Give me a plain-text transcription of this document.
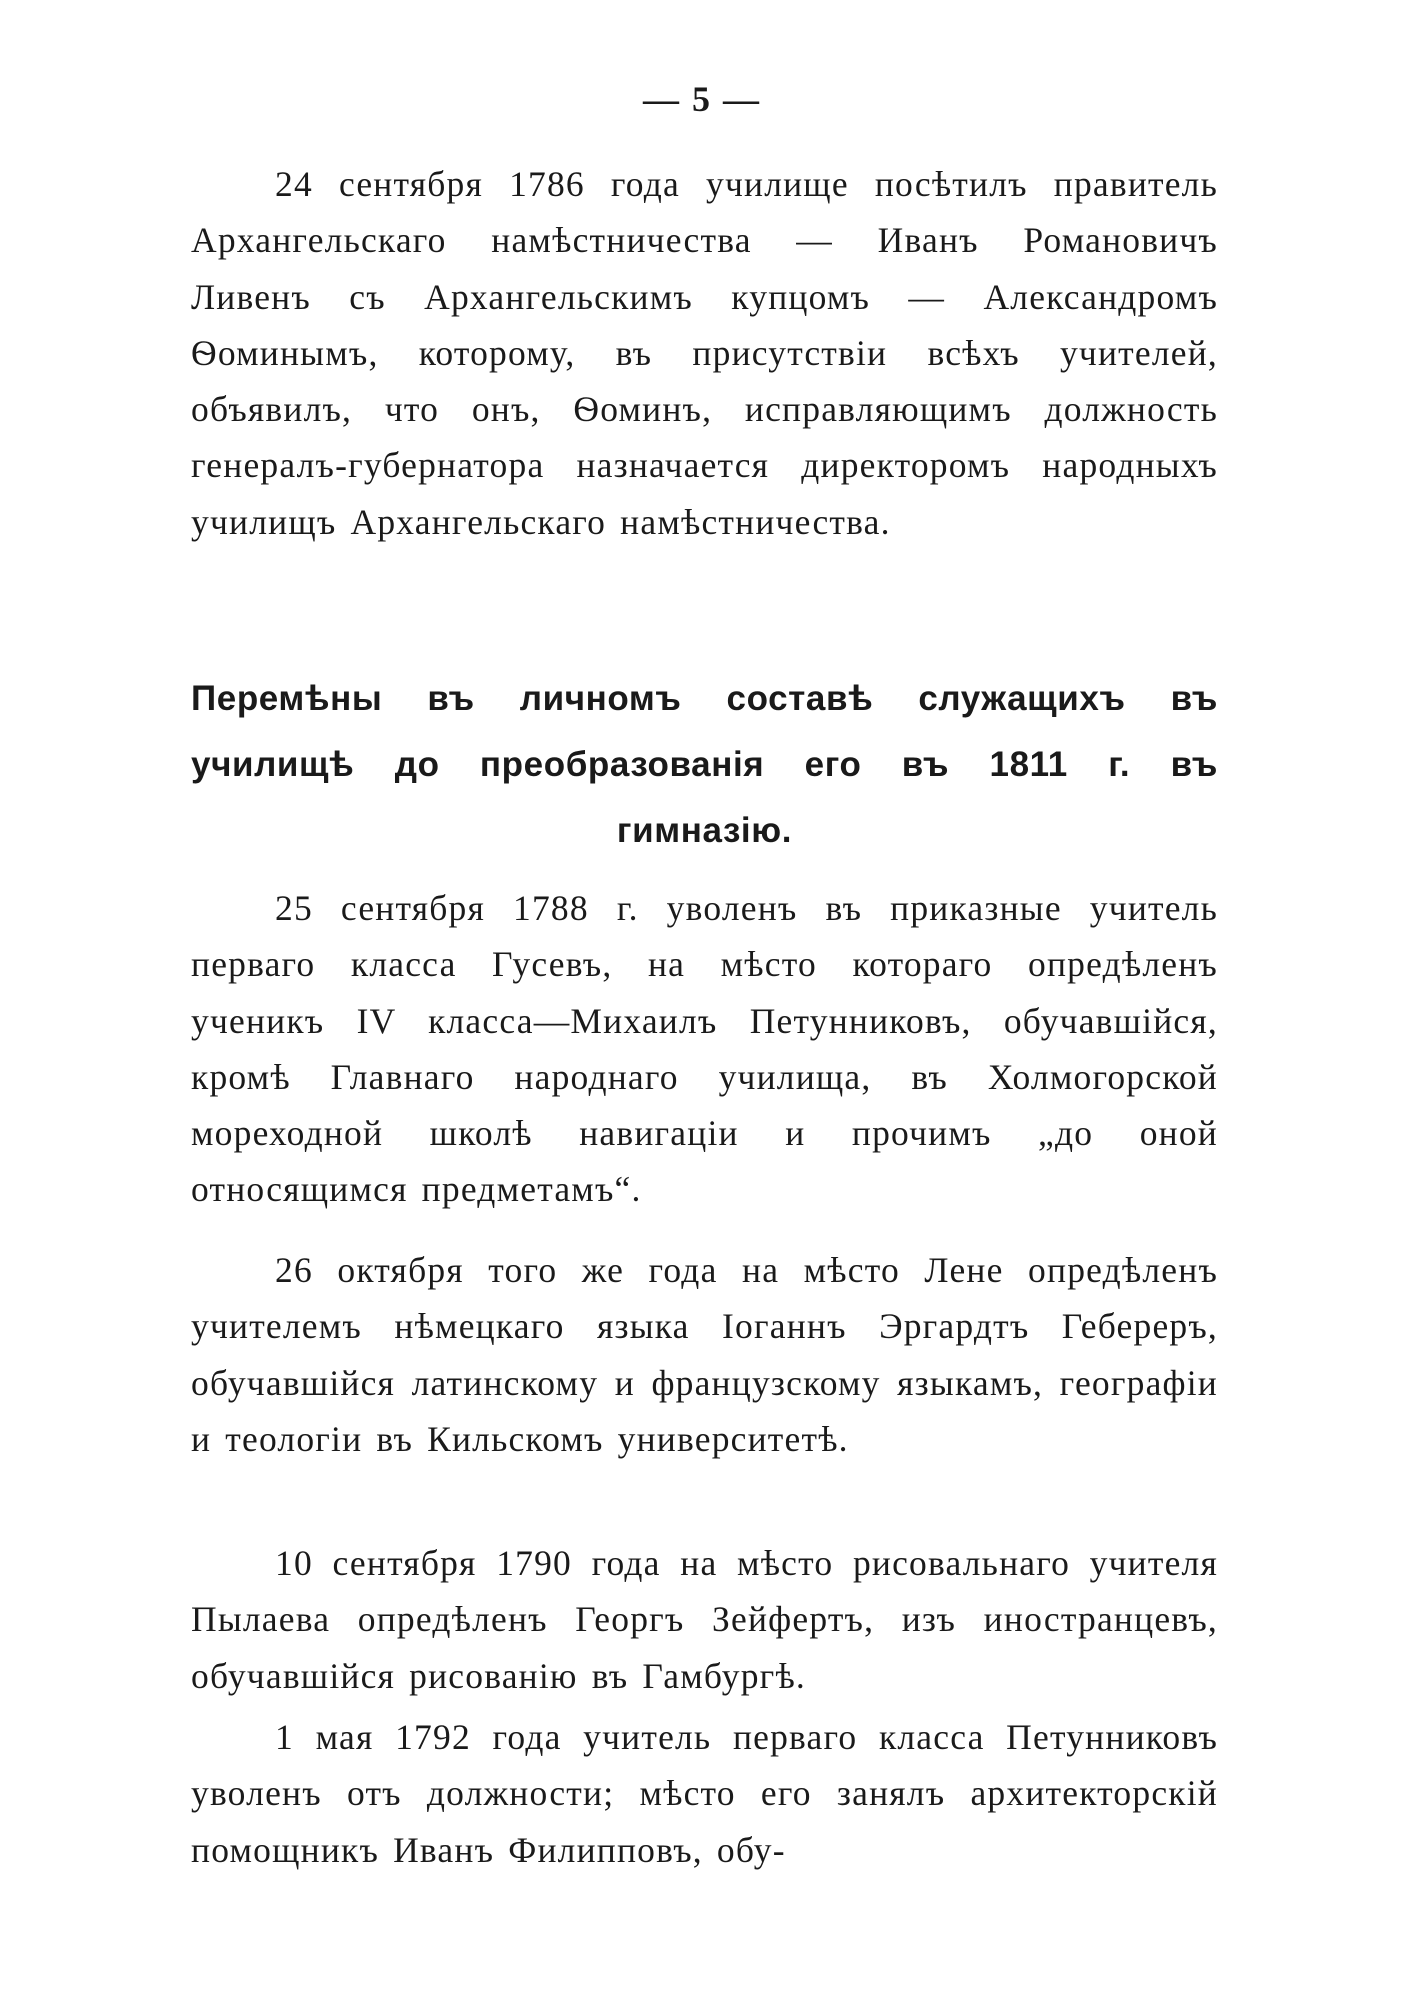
— 5 —

24 сентября 1786 года училище посѣтилъ правитель Архангельскаго намѣстничества — Иванъ Романовичъ Ливенъ съ Архангельскимъ купцомъ — Александромъ Ѳоминымъ, которому, въ присутствіи всѣхъ учителей, объявилъ, что онъ, Ѳоминъ, исправляющимъ должность генералъ-губернатора назначается директоромъ народныхъ училищъ Архангельскаго намѣстничества.

Перемѣны въ личномъ составѣ служащихъ въ училищѣ до преобразованія его въ 1811 г. въ гимназію.

25 сентября 1788 г. уволенъ въ приказные учитель перваго класса Гусевъ, на мѣсто котораго опредѣленъ ученикъ IV класса—Михаилъ Петунниковъ, обучавшійся, кромѣ Главнаго народнаго училища, въ Холмогорской мореходной школѣ навигаціи и прочимъ „до оной относящимся предметамъ“.

26 октября того же года на мѣсто Лене опредѣленъ учителемъ нѣмецкаго языка Іоганнъ Эргардтъ Гебереръ, обучавшійся латинскому и французскому языкамъ, географіи и теологіи въ Кильскомъ университетѣ.

10 сентября 1790 года на мѣсто рисовальнаго учителя Пылаева опредѣленъ Георгъ Зейфертъ, изъ иностранцевъ, обучавшійся рисованію въ Гамбургѣ.

1 мая 1792 года учитель перваго класса Петунниковъ уволенъ отъ должности; мѣсто его занялъ архитекторскій помощникъ Иванъ Филипповъ, обу-
